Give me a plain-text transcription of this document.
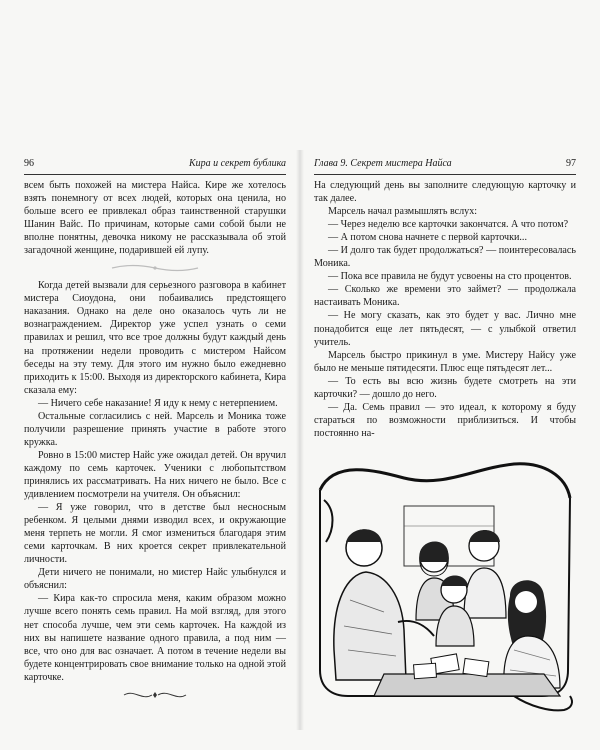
96	Кира и секрет бублика

всем быть похожей на мистера Найса. Кире же хотелось взять понемногу от всех людей, которых она ценила, но больше всего ее привлекал образ таинственной старушки Шанин Вайс. По причинам, которые сами собой были не вполне понятны, девочка никому не рассказывала об этой загадочной женщине, подарившей ей лупу.

Когда детей вызвали для серьезного разговора в кабинет мистера Сиоудона, они побаивались предстоящего наказания. Однако на деле оно оказалось чуть ли не вознаграждением. Директор уже успел узнать о семи правилах и решил, что все трое должны будут каждый день на протяжении недели проводить с мистером Найсом беседы на эту тему. Для этого им нужно было ежедневно приходить к 15:00. Выходя из директорского кабинета, Кира сказала ему:

— Ничего себе наказание! Я иду к нему с нетерпением.

Остальные согласились с ней. Марсель и Моника тоже получили разрешение принять участие в работе этого кружка.

Ровно в 15:00 мистер Найс уже ожидал детей. Он вручил каждому по семь карточек. Ученики с любопытством принялись их рассматривать. На них ничего не было. Все с удивлением посмотрели на учителя. Он объяснил:

— Я уже говорил, что в детстве был несносным ребенком. Я целыми днями изводил всех, и окружающие меня терпеть не могли. Я смог измениться благодаря этим семи карточкам. В них кроется секрет привлекательной личности.

Дети ничего не понимали, но мистер Найс улыбнулся и объяснил:

— Кира как-то спросила меня, каким образом можно лучше всего понять семь правил. На мой взгляд, для этого нет способа лучше, чем эти семь карточек. На каждой из них вы напишете название одного правила, а под ним — все, что оно для вас означает. А потом в течение недели вы будете концентрировать свое внимание только на одной этой карточке.

Глава 9. Секрет мистера Найса	97

На следующий день вы заполните следующую карточку и так далее.

Марсель начал размышлять вслух:

— Через неделю все карточки закончатся. А что потом?

— А потом снова начнете с первой карточки...

— И долго так будет продолжаться? — поинтересовалась Моника.

— Пока все правила не будут усвоены на сто процентов.

— Сколько же времени это займет? — продолжала настаивать Моника.

— Не могу сказать, как это будет у вас. Лично мне понадобится еще лет пятьдесят, — с улыбкой ответил учитель.

Марсель быстро прикинул в уме. Мистеру Найсу уже было не меньше пятидесяти. Плюс еще пятьдесят лет...

— То есть вы всю жизнь будете смотреть на эти карточки? — дошло до него.

— Да. Семь правил — это идеал, к которому я буду стараться по возможности приблизиться. И чтобы постоянно на-
